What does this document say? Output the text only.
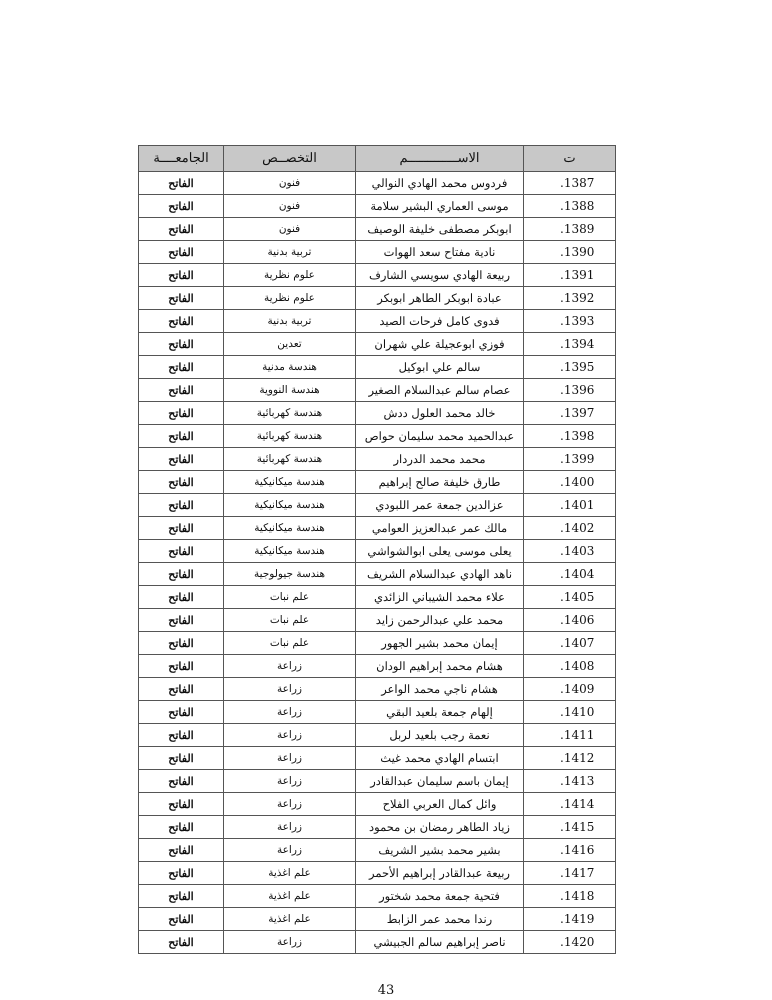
ت	الاســـــــــــــم	التخصــص	الجامعــــة
1387.	فردوس محمد الهادي النوالي	فنون	الفاتح
1388.	موسى العماري البشير سلامة	فنون	الفاتح
1389.	ابوبكر مصطفى خليفة الوصيف	فنون	الفاتح
1390.	نادية مفتاح سعد الهوات	تربية بدنية	الفاتح
1391.	ربيعة الهادي سويسي الشارف	علوم نظرية	الفاتح
1392.	عبادة ابوبكر الطاهر ابوبكر	علوم نظرية	الفاتح
1393.	فدوى كامل فرحات الصيد	تربية بدنية	الفاتح
1394.	فوزي ابوعجيلة علي شهران	تعدين	الفاتح
1395.	سالم علي ابوكيل	هندسة مدنية	الفاتح
1396.	عصام سالم عبدالسلام الصغير	هندسة النووية	الفاتح
1397.	خالد محمد العلول ددش	هندسة كهربائية	الفاتح
1398.	عبدالحميد محمد سليمان حواص	هندسة كهربائية	الفاتح
1399.	محمد محمد الدردار	هندسة كهربائية	الفاتح
1400.	طارق خليفة صالح إبراهيم	هندسة ميكانيكية	الفاتح
1401.	عزالدين جمعة عمر اللبودي	هندسة ميكانيكية	الفاتح
1402.	مالك عمر عبدالعزيز العوامي	هندسة ميكانيكية	الفاتح
1403.	يعلى موسى يعلى ابوالشواشي	هندسة ميكانيكية	الفاتح
1404.	ناهد الهادي عبدالسلام الشريف	هندسة جيولوجية	الفاتح
1405.	علاء محمد الشيباني الزائدي	علم نبات	الفاتح
1406.	محمد علي عبدالرحمن زايد	علم نبات	الفاتح
1407.	إيمان محمد بشير الجهور	علم نبات	الفاتح
1408.	هشام محمد إبراهيم الودان	زراعة	الفاتح
1409.	هشام ناجي محمد الواعر	زراعة	الفاتح
1410.	إلهام جمعة بلعيد البقي	زراعة	الفاتح
1411.	نعمة رجب بلعيد لربل	زراعة	الفاتح
1412.	ابتسام الهادي محمد غيث	زراعة	الفاتح
1413.	إيمان باسم سليمان عبدالقادر	زراعة	الفاتح
1414.	وائل كمال العربي الفلاح	زراعة	الفاتح
1415.	زياد الطاهر رمضان بن محمود	زراعة	الفاتح
1416.	بشير محمد بشير الشريف	زراعة	الفاتح
1417.	ربيعة عبدالقادر إبراهيم الأحمر	علم اغذية	الفاتح
1418.	فتحية جمعة محمد شختور	علم اغذية	الفاتح
1419.	رندا محمد عمر الزابط	علم اغذية	الفاتح
1420.	ناصر إبراهيم سالم الجبيشي	زراعة	الفاتح
43
